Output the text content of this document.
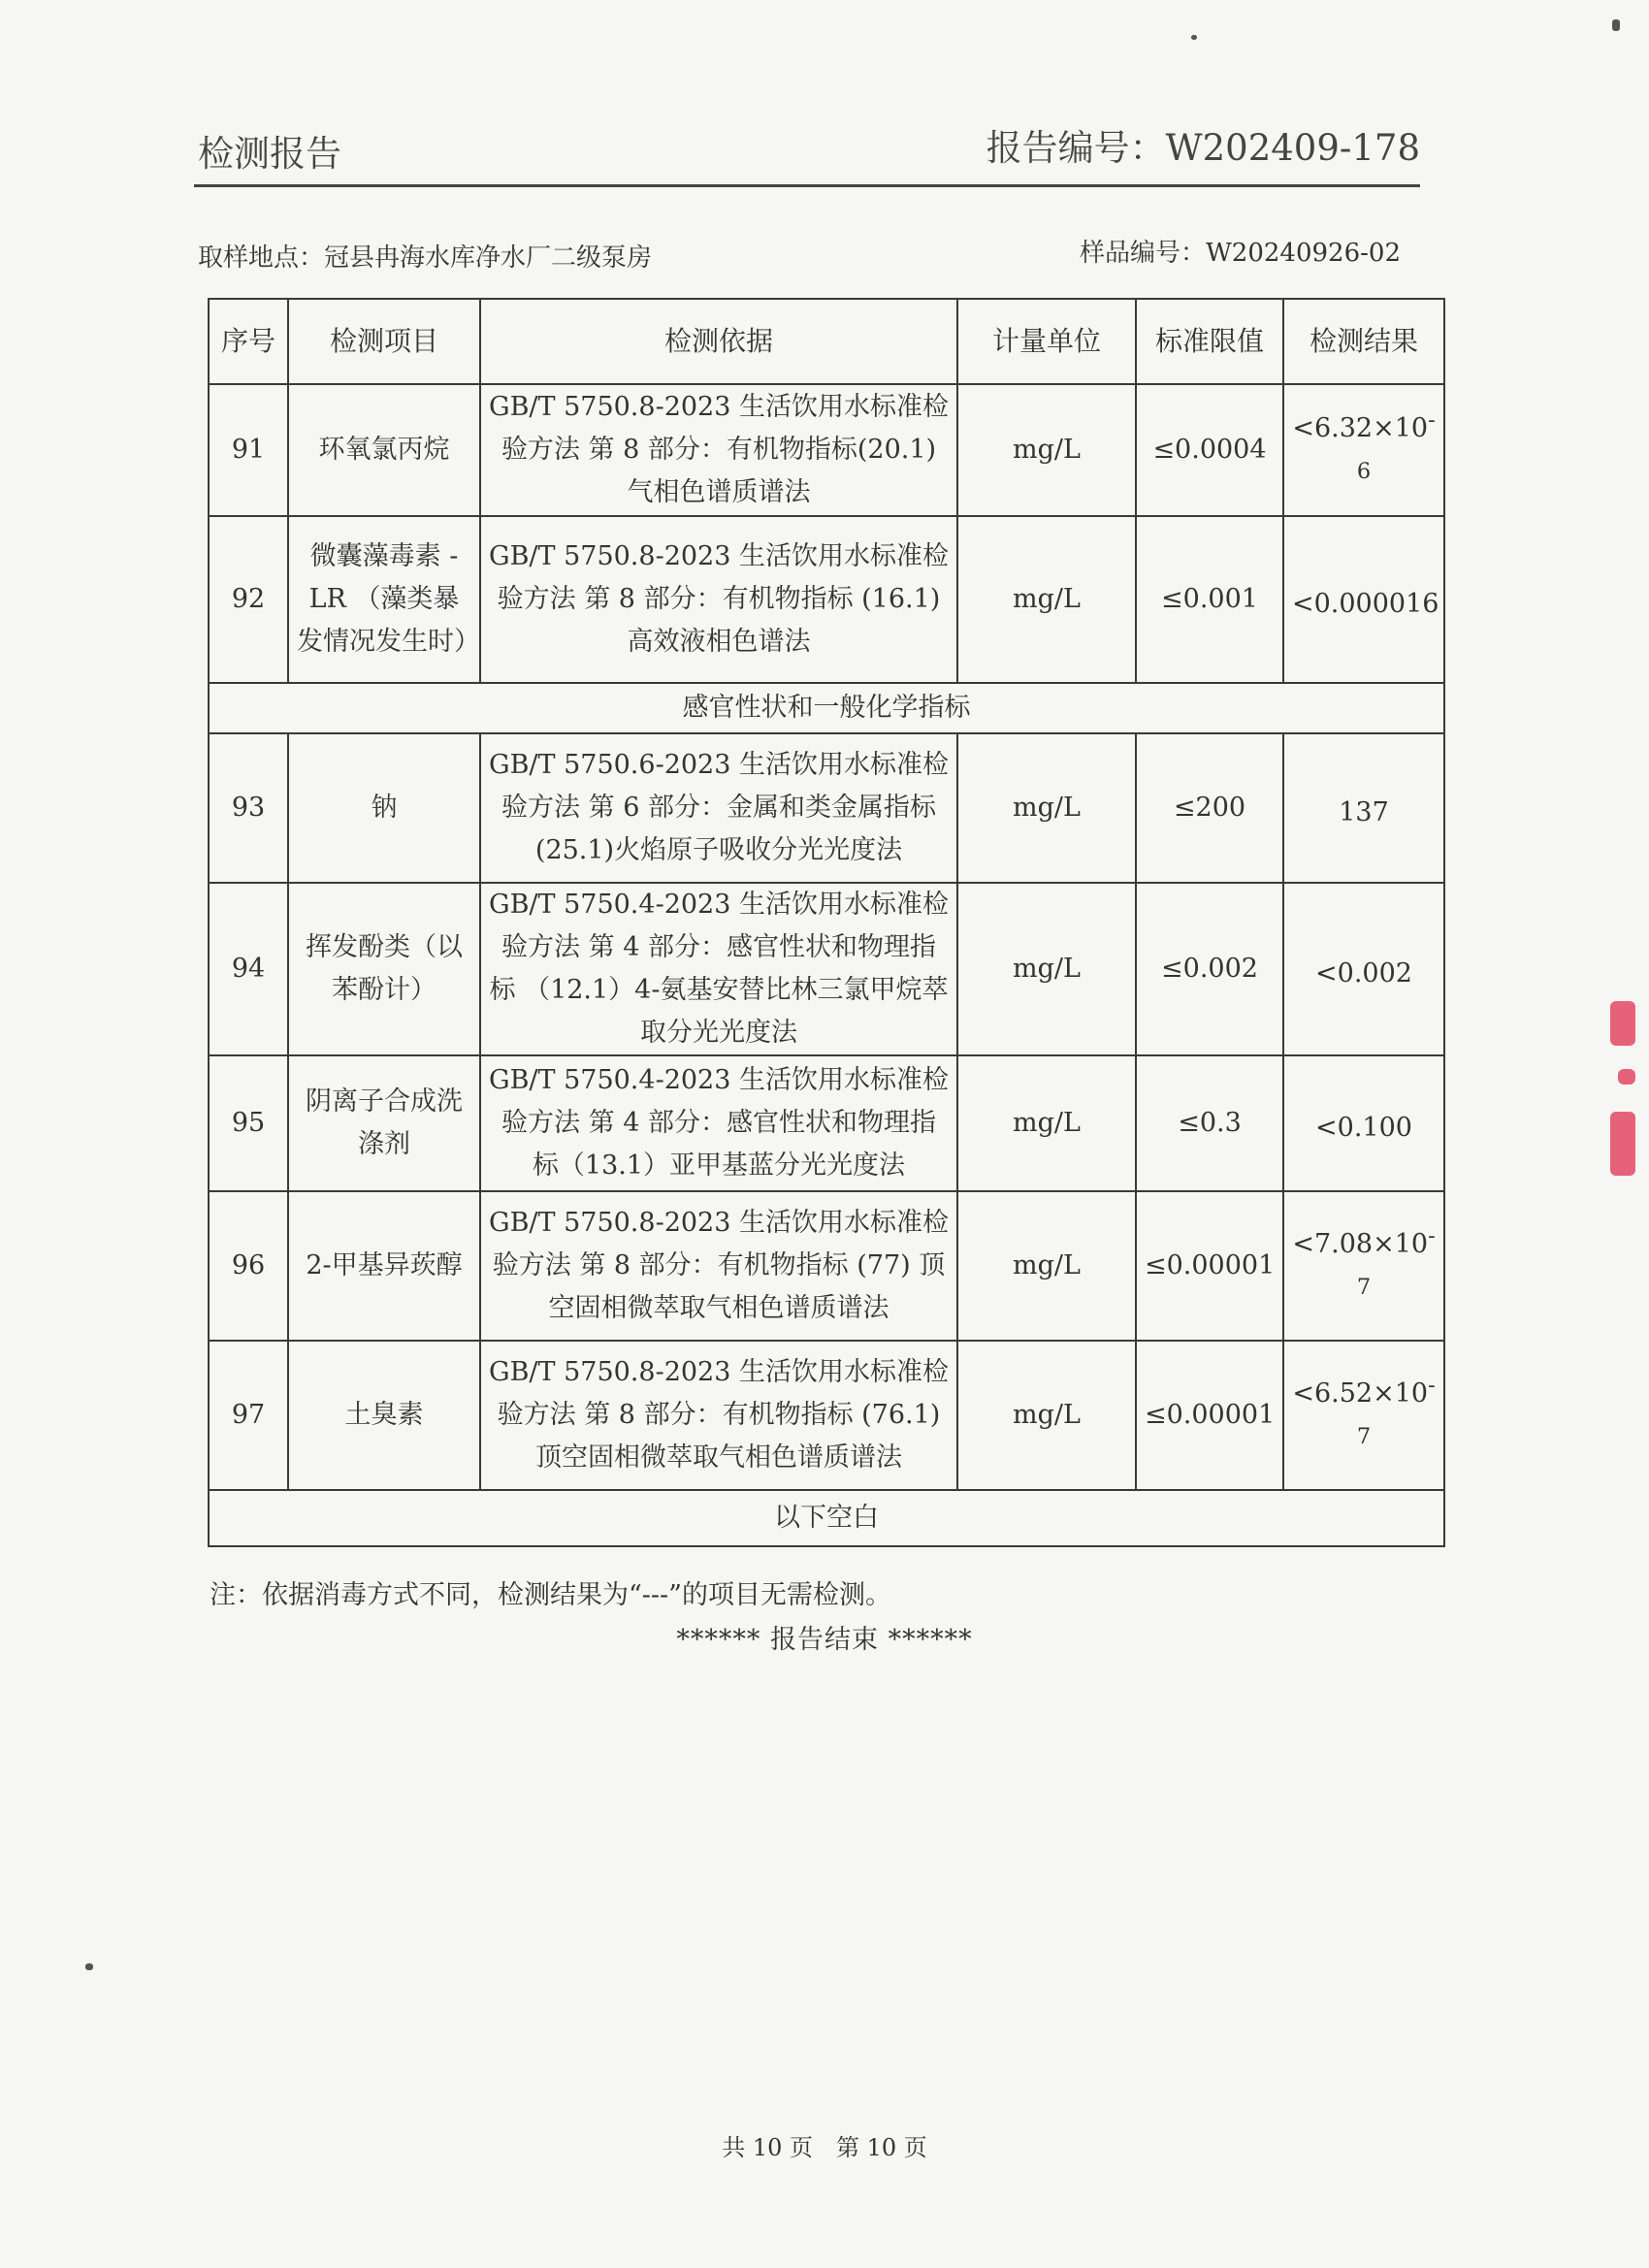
检测报告	报告编号：W202409-178
取样地点：冠县冉海水库净水厂二级泵房	样品编号：W20240926-02
序号	检测项目	检测依据	计量单位	标准限值	检测结果
91	环氧氯丙烷	GB/T 5750.8-2023 生活饮用水标准检验方法 第 8 部分：有机物指标(20.1)气相色谱质谱法	mg/L	≤0.0004	$<6.32\times 10^{-6}$
92	微囊藻毒素 -LR （藻类暴发情况发生时）	GB/T 5750.8-2023 生活饮用水标准检验方法 第 8 部分：有机物指标 (16.1) 高效液相色谱法	mg/L	≤0.001	<0.000016
感官性状和一般化学指标					
93	钠	GB/T 5750.6-2023 生活饮用水标准检验方法 第 6 部分：金属和类金属指标 (25.1)火焰原子吸收分光光度法	mg/L	≤200	137
94	挥发酚类（以苯酚计）	GB/T 5750.4-2023 生活饮用水标准检验方法 第 4 部分：感官性状和物理指标 （12.1）4-氨基安替比林三氯甲烷萃取分光光度法	mg/L	≤0.002	<0.002
95	阴离子合成洗涤剂	GB/T 5750.4-2023 生活饮用水标准检验方法 第 4 部分：感官性状和物理指标（13.1）亚甲基蓝分光光度法	mg/L	≤0.3	<0.100
96	2-甲基异莰醇	GB/T 5750.8-2023 生活饮用水标准检验方法 第 8 部分：有机物指标 (77) 顶空固相微萃取气相色谱质谱法	mg/L	≤0.00001	$<7.08\times 10^{-7}$
97	土臭素	GB/T 5750.8-2023 生活饮用水标准检验方法 第 8 部分：有机物指标 (76.1) 顶空固相微萃取气相色谱质谱法	mg/L	≤0.00001	$<6.52\times 10^{-7}$
以下空白					
注：依据消毒方式不同，检测结果为“---”的项目无需检测。
****** 报告结束 ******
共 10 页　第 10 页
